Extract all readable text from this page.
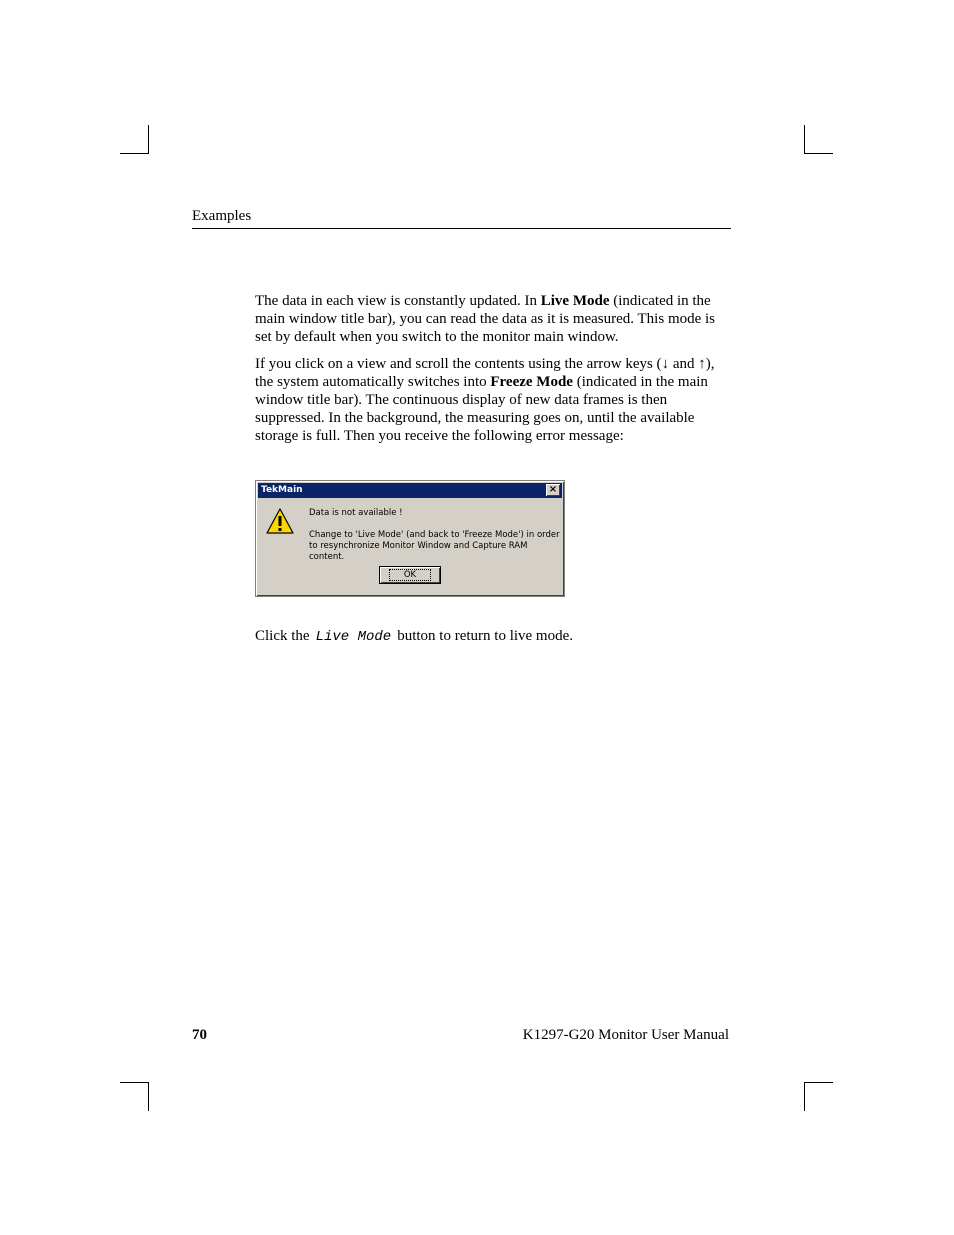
Examples

The data in each view is constantly updated. In Live Mode (indicated in the main window title bar), you can read the data as it is measured. This mode is set by default when you switch to the monitor main window.

If you click on a view and scroll the contents using the arrow keys (↓ and ↑), the system automatically switches into Freeze Mode (indicated in the main window title bar). The continuous display of new data frames is then suppressed. In the background, the measuring goes on, until the available storage is full. Then you receive the following error message:

TekMain	×
Data is not available !
Change to 'Live Mode' (and back to 'Freeze Mode') in order to resynchronize Monitor Window and Capture RAM content.
OK

Click the Live Mode button to return to live mode.

70	K1297-G20 Monitor User Manual
